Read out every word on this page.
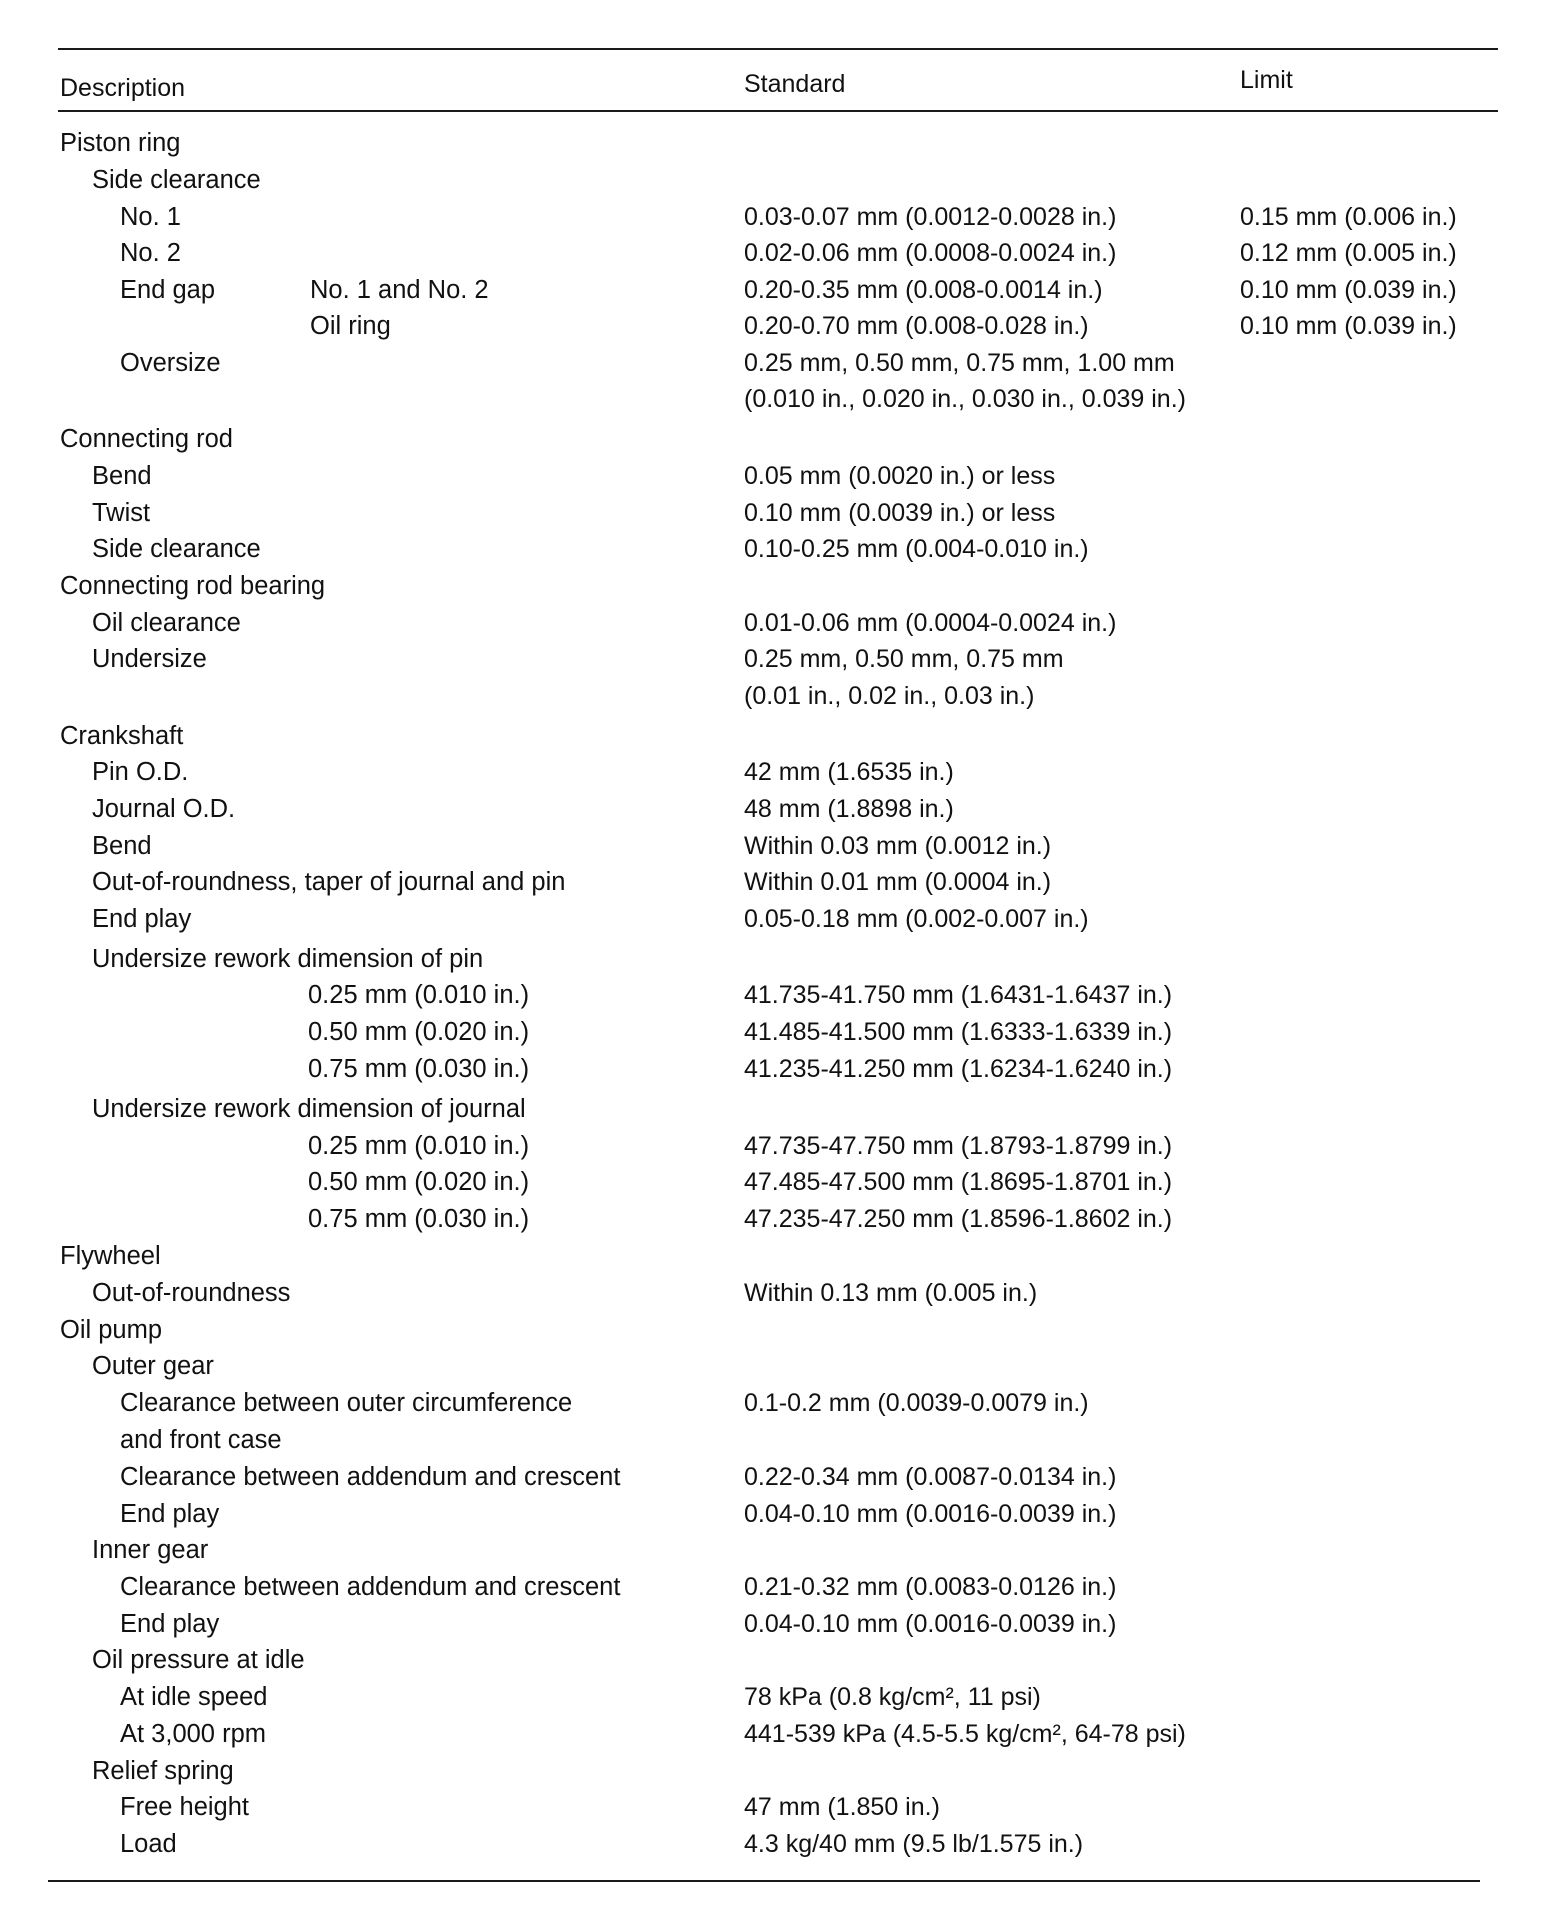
Description	Standard	Limit
Piston ring
Side clearance
No. 1	0.03-0.07 mm (0.0012-0.0028 in.)	0.15 mm (0.006 in.)
No. 2	0.02-0.06 mm (0.0008-0.0024 in.)	0.12 mm (0.005 in.)
End gap	No. 1 and No. 2	0.20-0.35 mm (0.008-0.0014 in.)	0.10 mm (0.039 in.)
Oil ring	0.20-0.70 mm (0.008-0.028 in.)	0.10 mm (0.039 in.)
Oversize	0.25 mm, 0.50 mm, 0.75 mm, 1.00 mm
(0.010 in., 0.020 in., 0.030 in., 0.039 in.)
Connecting rod
Bend	0.05 mm (0.0020 in.) or less
Twist	0.10 mm (0.0039 in.) or less
Side clearance	0.10-0.25 mm (0.004-0.010 in.)
Connecting rod bearing
Oil clearance	0.01-0.06 mm (0.0004-0.0024 in.)
Undersize	0.25 mm, 0.50 mm, 0.75 mm
(0.01 in., 0.02 in., 0.03 in.)
Crankshaft
Pin O.D.	42 mm (1.6535 in.)
Journal O.D.	48 mm (1.8898 in.)
Bend	Within 0.03 mm (0.0012 in.)
Out-of-roundness, taper of journal and pin	Within 0.01 mm (0.0004 in.)
End play	0.05-0.18 mm (0.002-0.007 in.)
Undersize rework dimension of pin
0.25 mm (0.010 in.)	41.735-41.750 mm (1.6431-1.6437 in.)
0.50 mm (0.020 in.)	41.485-41.500 mm (1.6333-1.6339 in.)
0.75 mm (0.030 in.)	41.235-41.250 mm (1.6234-1.6240 in.)
Undersize rework dimension of journal
0.25 mm (0.010 in.)	47.735-47.750 mm (1.8793-1.8799 in.)
0.50 mm (0.020 in.)	47.485-47.500 mm (1.8695-1.8701 in.)
0.75 mm (0.030 in.)	47.235-47.250 mm (1.8596-1.8602 in.)
Flywheel
Out-of-roundness	Within 0.13 mm (0.005 in.)
Oil pump
Outer gear
Clearance between outer circumference	0.1-0.2 mm (0.0039-0.0079 in.)
and front case
Clearance between addendum and crescent	0.22-0.34 mm (0.0087-0.0134 in.)
End play	0.04-0.10 mm (0.0016-0.0039 in.)
Inner gear
Clearance between addendum and crescent	0.21-0.32 mm (0.0083-0.0126 in.)
End play	0.04-0.10 mm (0.0016-0.0039 in.)
Oil pressure at idle
At idle speed	78 kPa (0.8 kg/cm², 11 psi)
At 3,000 rpm	441-539 kPa (4.5-5.5 kg/cm², 64-78 psi)
Relief spring
Free height	47 mm (1.850 in.)
Load	4.3 kg/40 mm (9.5 lb/1.575 in.)
